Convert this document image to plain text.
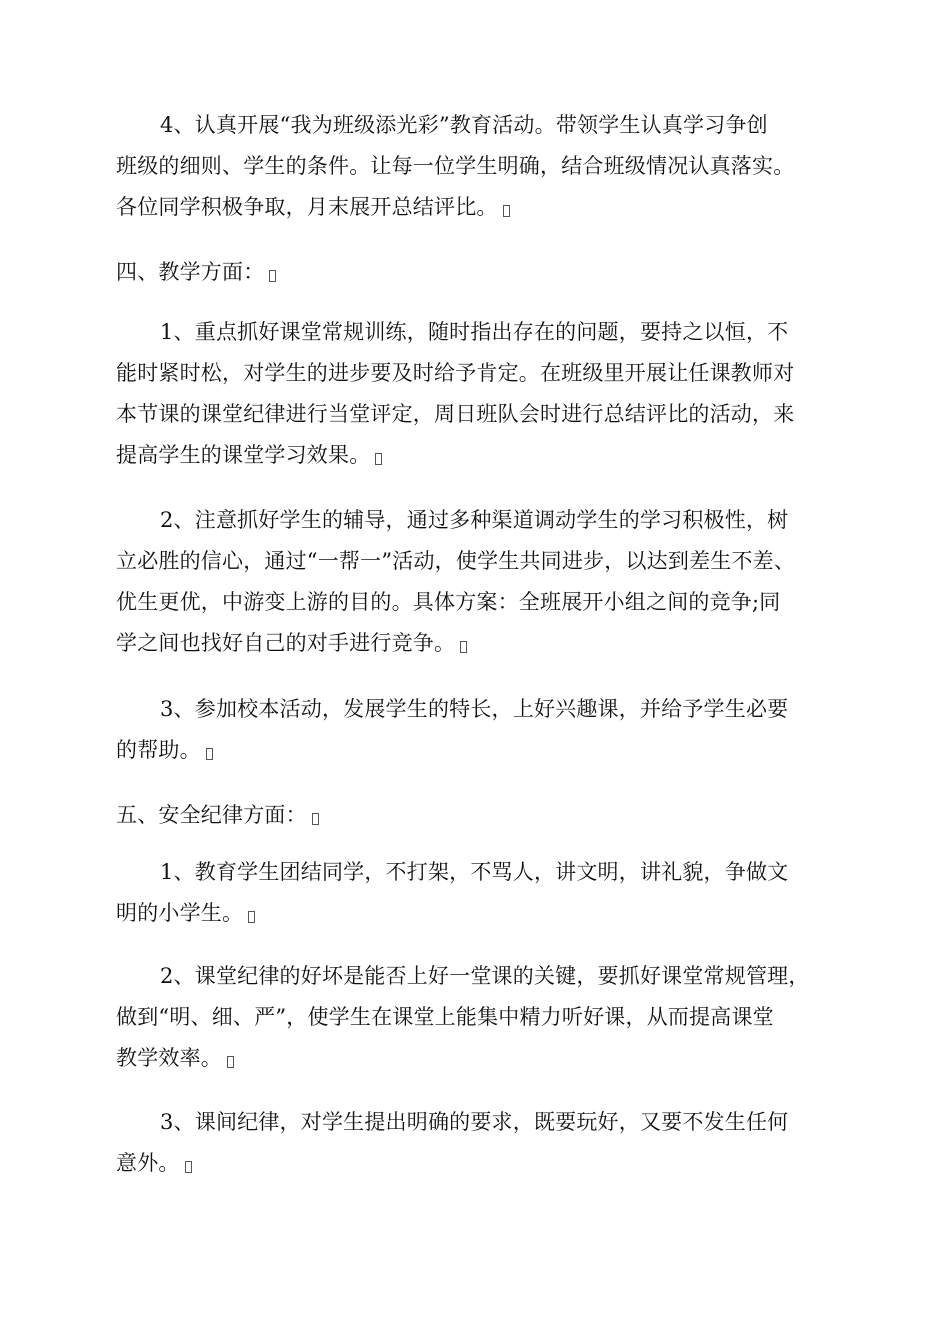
4、认真开展“我为班级添光彩”教育活动。带领学生认真学习争创
班级的细则、学生的条件。让每一位学生明确，结合班级情况认真落实。
各位同学积极争取，月末展开总结评比。
四、教学方面：
1、重点抓好课堂常规训练，随时指出存在的问题，要持之以恒，不
能时紧时松，对学生的进步要及时给予肯定。在班级里开展让任课教师对
本节课的课堂纪律进行当堂评定，周日班队会时进行总结评比的活动，来
提高学生的课堂学习效果。
2、注意抓好学生的辅导，通过多种渠道调动学生的学习积极性，树
立必胜的信心，通过“一帮一”活动，使学生共同进步，以达到差生不差、
优生更优，中游变上游的目的。具体方案：全班展开小组之间的竞争;同
学之间也找好自己的对手进行竞争。
3、参加校本活动，发展学生的特长，上好兴趣课，并给予学生必要
的帮助。
五、安全纪律方面：
1、教育学生团结同学，不打架，不骂人，讲文明，讲礼貌，争做文
明的小学生。
2、课堂纪律的好坏是能否上好一堂课的关键，要抓好课堂常规管理，
做到“明、细、严”，使学生在课堂上能集中精力听好课，从而提高课堂
教学效率。
3、课间纪律，对学生提出明确的要求，既要玩好，又要不发生任何
意外。
